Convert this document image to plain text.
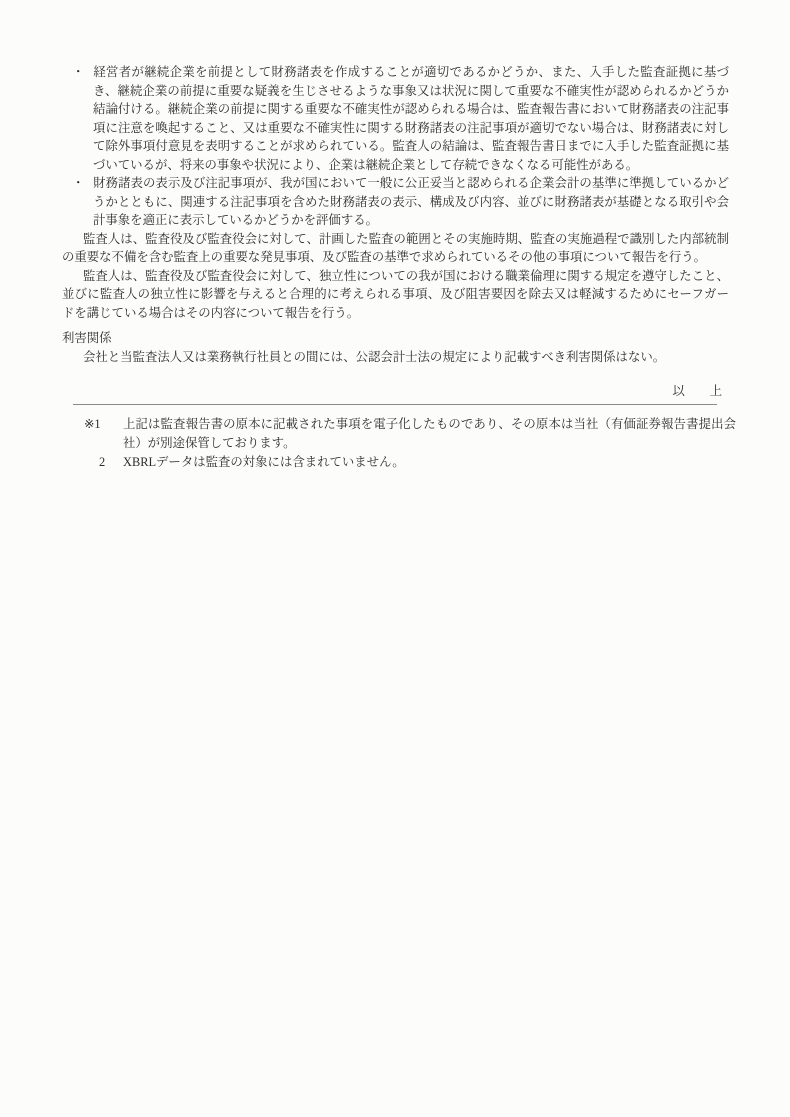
・ 経営者が継続企業を前提として財務諸表を作成することが適切であるかどうか、また、入手した監査証拠に基づき、継続企業の前提に重要な疑義を生じさせるような事象又は状況に関して重要な不確実性が認められるかどうか結論付ける。継続企業の前提に関する重要な不確実性が認められる場合は、監査報告書において財務諸表の注記事項に注意を喚起すること、又は重要な不確実性に関する財務諸表の注記事項が適切でない場合は、財務諸表に対して除外事項付意見を表明することが求められている。監査人の結論は、監査報告書日までに入手した監査証拠に基づいているが、将来の事象や状況により、企業は継続企業として存続できなくなる可能性がある。

・ 財務諸表の表示及び注記事項が、我が国において一般に公正妥当と認められる企業会計の基準に準拠しているかどうかとともに、関連する注記事項を含めた財務諸表の表示、構成及び内容、並びに財務諸表が基礎となる取引や会計事象を適正に表示しているかどうかを評価する。

監査人は、監査役及び監査役会に対して、計画した監査の範囲とその実施時期、監査の実施過程で識別した内部統制の重要な不備を含む監査上の重要な発見事項、及び監査の基準で求められているその他の事項について報告を行う。

監査人は、監査役及び監査役会に対して、独立性についての我が国における職業倫理に関する規定を遵守したこと、並びに監査人の独立性に影響を与えると合理的に考えられる事項、及び阻害要因を除去又は軽減するためにセーフガードを講じている場合はその内容について報告を行う。

利害関係

会社と当監査法人又は業務執行社員との間には、公認会計士法の規定により記載すべき利害関係はない。

以　　上

※1	上記は監査報告書の原本に記載された事項を電子化したものであり、その原本は当社（有価証券報告書提出会社）が別途保管しております。
2	XBRLデータは監査の対象には含まれていません。
